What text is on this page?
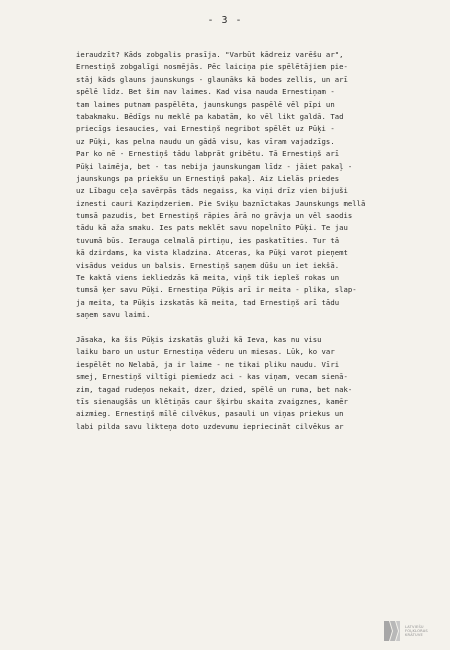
- 3 -
ieraudzīt? Kāds zobgalis prasīja. "Varbūt kādreiz varēšu ar",
Ernestiņš zobgalīgi nosmējās. Pēc laiciņa pie spēlētājiem pie-
stāj kāds glauns jaunskungs - glaunāks kā bodes zellis, un arī
spēlē līdz. Bet šim nav laimes. Kad visa nauda Ernestiņam -
tam laimes putnam paspēlēta, jaunskungs paspēlē vēl pīpi un
tabakmaku. Bēdīgs nu meklē pa kabatām, ko vēl likt galdā. Tad
priecīgs iesaucies, vai Ernestiņš negribot spēlēt uz Pūķi -
uz Pūķi, kas pelna naudu un gādā visu, kas vīram vajadzīgs.
Par ko nē - Ernestiņš tādu labprāt gribētu. Tā Ernestiņš arī
Pūķi laimēja, bet - tas nebija jaunskungam līdz - jāiet pakaļ -
jaunskungs pa priekšu un Ernestiņš pakaļ. Aiz Lielās priedes
uz Lībagu ceļa savērpās tāds negaiss, ka viņi drīz vien bijuši
iznesti cauri Kaziņdzeriem. Pie Sviķu baznīctakas Jaunskungs mellā
tumsā pazudis, bet Ernestiņš rāpies ārā no grāvja un vēl saodis
tādu kā aža smaku. Ies pats meklēt savu nopelnīto Pūķi. Te jau
tuvumā būs. Ierauga celmalā pirtiņu, ies paskatīties. Tur tā
kā dzirdams, ka vista kladzina. Atceras, ka Pūķi varot pieņemt
visādus veidus un balsis. Ernestiņš saņem dūšu un iet iekšā.
Te kaktā viens iekliedzās kā meita, viņš tik iepleš rokas un
tumsā ķer savu Pūķi. Ernestiņa Pūķis arī ir meita - plika, slap-
ja meita, ta Pūķis izskatās kā meita, tad Ernestiņš arī tādu
saņem savu laimi.
Jāsaka, ka šis Pūķis izskatās gluži kā Ieva, kas nu visu
laiku baro un ustur Ernestiņa vēderu un miesas. Lūk, ko var
iespēlēt no Nelabā, ja ir laime - ne tikai pliku naudu. Vīri
smej, Ernestiņš viltīgi piemiedz aci - kas viņam, vecam sienā-
zim, tagad rudeņos nekait, dzer, dzied, spēlē un ruma, bet nak-
tīs sienaugšās un klētiņās caur šķirbu skaita zvaigznes, kamēr
aizmieg. Ernestiņš mīlē cilvēkus, pasauli un viņas priekus un
labi pilda savu likteņa doto uzdevumu iepriecināt cilvēkus ar
LATVIEŠU
FOLKLORAS
KRĀTUVE
